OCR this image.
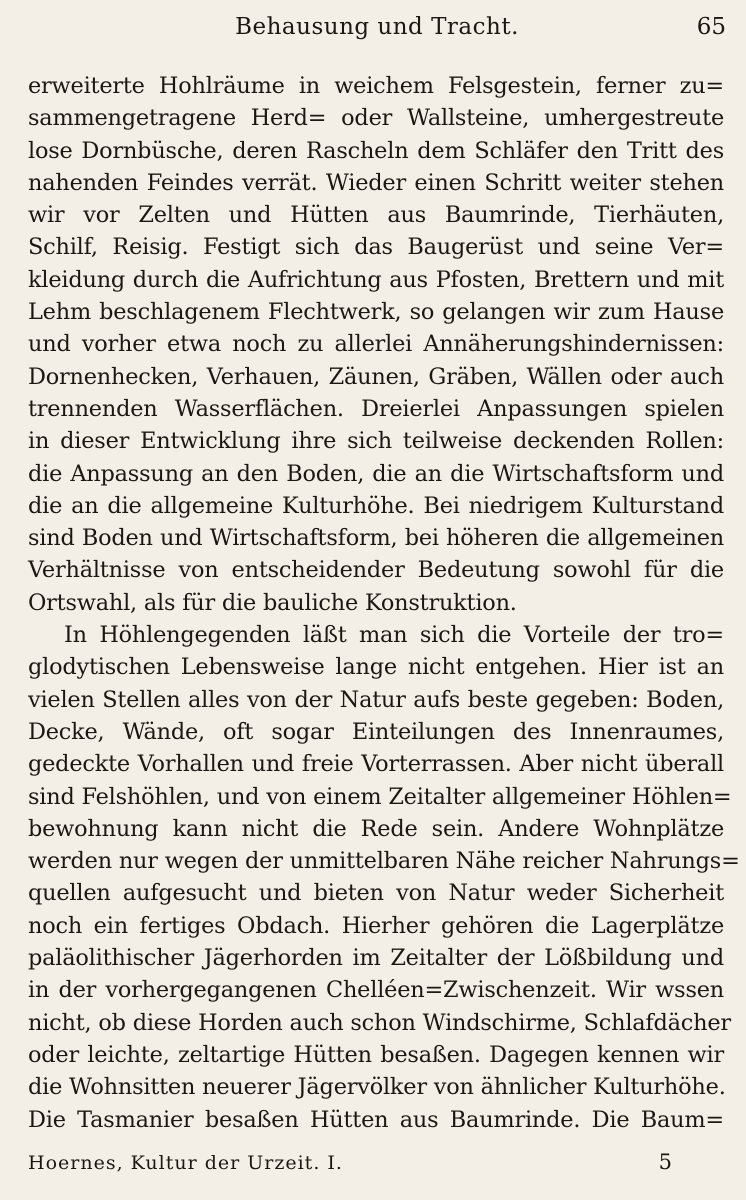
Behausung und Tracht.	65
erweiterte Hohlräume in weichem Felsgestein, ferner zu=
sammengetragene Herd= oder Wallsteine, umhergestreute
lose Dornbüsche, deren Rascheln dem Schläfer den Tritt des
nahenden Feindes verrät. Wieder einen Schritt weiter stehen
wir vor Zelten und Hütten aus Baumrinde, Tierhäuten,
Schilf, Reisig. Festigt sich das Baugerüst und seine Ver=
kleidung durch die Aufrichtung aus Pfosten, Brettern und mit
Lehm beschlagenem Flechtwerk, so gelangen wir zum Hause
und vorher etwa noch zu allerlei Annäherungshindernissen:
Dornenhecken, Verhauen, Zäunen, Gräben, Wällen oder auch
trennenden Wasserflächen. Dreierlei Anpassungen spielen
in dieser Entwicklung ihre sich teilweise deckenden Rollen:
die Anpassung an den Boden, die an die Wirtschaftsform und
die an die allgemeine Kulturhöhe. Bei niedrigem Kulturstand
sind Boden und Wirtschaftsform, bei höheren die allgemeinen
Verhältnisse von entscheidender Bedeutung sowohl für die
Ortswahl, als für die bauliche Konstruktion.
In Höhlengegenden läßt man sich die Vorteile der tro=
glodytischen Lebensweise lange nicht entgehen. Hier ist an
vielen Stellen alles von der Natur aufs beste gegeben: Boden,
Decke, Wände, oft sogar Einteilungen des Innenraumes,
gedeckte Vorhallen und freie Vorterrassen. Aber nicht überall
sind Felshöhlen, und von einem Zeitalter allgemeiner Höhlen=
bewohnung kann nicht die Rede sein. Andere Wohnplätze
werden nur wegen der unmittelbaren Nähe reicher Nahrungs=
quellen aufgesucht und bieten von Natur weder Sicherheit
noch ein fertiges Obdach. Hierher gehören die Lagerplätze
paläolithischer Jägerhorden im Zeitalter der Lößbildung und
in der vorhergegangenen Chelléen=Zwischenzeit. Wir wssen
nicht, ob diese Horden auch schon Windschirme, Schlafdächer
oder leichte, zeltartige Hütten besaßen. Dagegen kennen wir
die Wohnsitten neuerer Jägervölker von ähnlicher Kulturhöhe.
Die Tasmanier besaßen Hütten aus Baumrinde. Die Baum=
Hoernes, Kultur der Urzeit. I.	5
